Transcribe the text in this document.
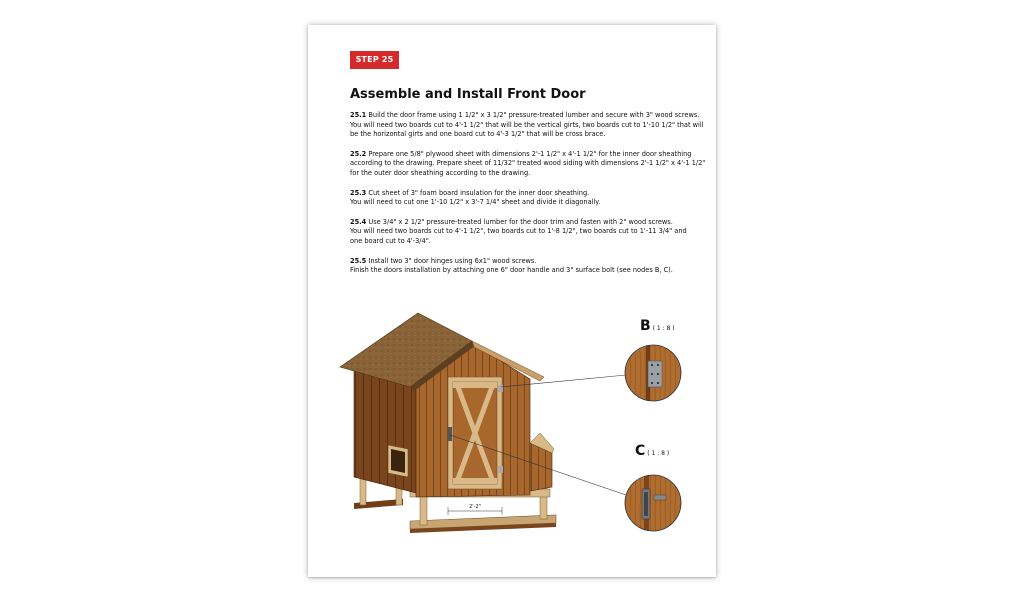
STEP 25
Assemble and Install Front Door

25.1 Build the door frame using 1 1/2" x 3 1/2" pressure-treated lumber and secure with 3" wood screws.
You will need two boards cut to 4'-1 1/2" that will be the vertical girts, two boards cut to 1'-10 1/2" that will
be the horizontal girts and one board cut to 4'-3 1/2" that will be cross brace.

25.2 Prepare one 5/8" plywood sheet with dimensions 2'-1 1/2" x 4'-1 1/2" for the inner door sheathing
according to the drawing. Prepare sheet of 11/32" treated wood siding with dimensions 2'-1 1/2" x 4'-1 1/2"
for the outer door sheathing according to the drawing.

25.3 Cut sheet of 3" foam board insulation for the inner door sheathing.
You will need to cut one 1'-10 1/2" x 3'-7 1/4" sheet and divide it diagonally.

25.4 Use 3/4" x 2 1/2" pressure-treated lumber for the door trim and fasten with 2" wood screws.
You will need two boards cut to 4'-1 1/2", two boards cut to 1'-8 1/2", two boards cut to 1'-11 3/4" and
one board cut to 4'-3/4".

25.5 Install two 3" door hinges using 6x1" wood screws.
Finish the doors installation by attaching one 6" door handle and 3" surface bolt (see nodes B, C).

B ( 1 : 8 )
C ( 1 : 8 )
2'-2"
